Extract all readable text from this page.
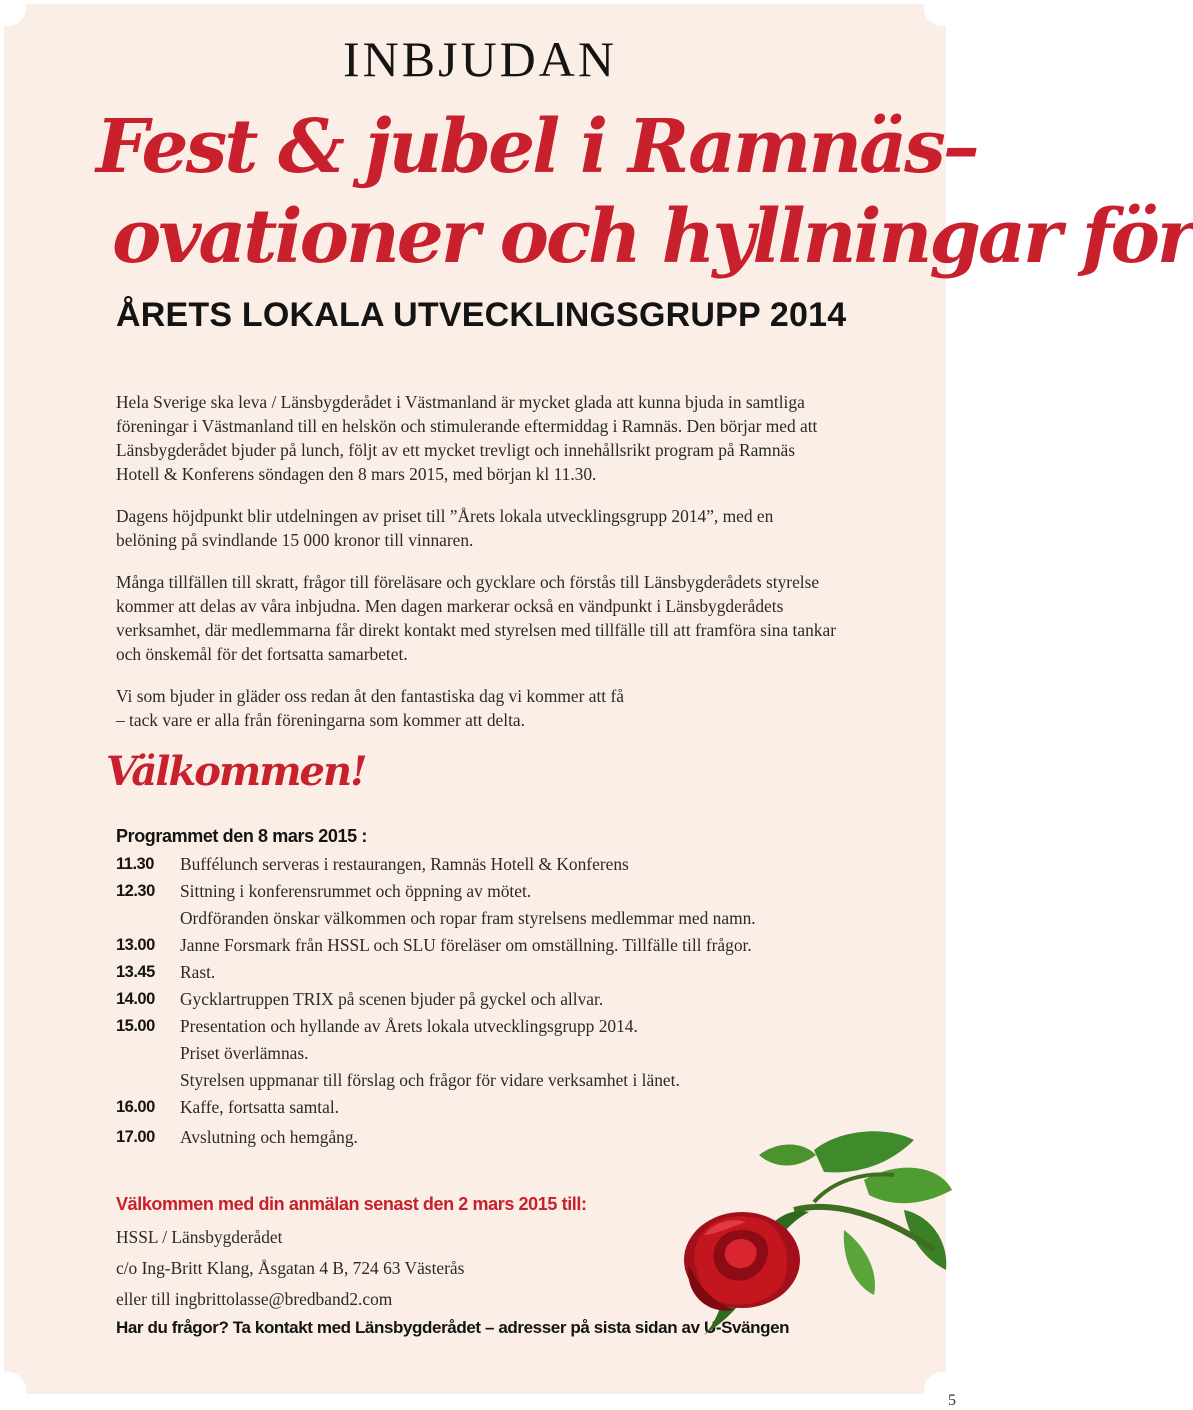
INBJUDAN
Fest & jubel i Ramnäs–
ovationer och hyllningar för
ÅRETS LOKALA UTVECKLINGSGRUPP 2014

Hela Sverige ska leva / Länsbygderådet i Västmanland är mycket glada att kunna bjuda in samtliga föreningar i Västmanland till en helskön och stimulerande eftermiddag i Ramnäs. Den börjar med att Länsbygderådet bjuder på lunch, följt av ett mycket trevligt och innehållsrikt program på Ramnäs Hotell & Konferens söndagen den 8 mars 2015, med början kl 11.30.

Dagens höjdpunkt blir utdelningen av priset till ”Årets lokala utvecklingsgrupp 2014”, med en belöning på svindlande 15 000 kronor till vinnaren.

Många tillfällen till skratt, frågor till föreläsare och gycklare och förstås till Länsbygderådets styrelse kommer att delas av våra inbjudna. Men dagen markerar också en vändpunkt i Länsbygderådets verksamhet, där medlemmarna får direkt kontakt med styrelsen med tillfälle till att framföra sina tankar och önskemål för det fortsatta samarbetet.

Vi som bjuder in gläder oss redan åt den fantastiska dag vi kommer att få

– tack vare er alla från föreningarna som kommer att delta.

Välkommen!
Programmet den 8 mars 2015 :
11.30	Buffélunch serveras i restaurangen, Ramnäs Hotell & Konferens
12.30	Sittning i konferensrummet och öppning av mötet.
Ordföranden önskar välkommen och ropar fram styrelsens medlemmar med namn.
13.00	Janne Forsmark från HSSL och SLU föreläser om omställning. Tillfälle till frågor.
13.45	Rast.
14.00	Gycklartruppen TRIX på scenen bjuder på gyckel och allvar.
15.00	Presentation och hyllande av Årets lokala utvecklingsgrupp 2014.
Priset överlämnas.
Styrelsen uppmanar till förslag och frågor för vidare verksamhet i länet.
16.00	Kaffe, fortsatta samtal.
17.00	Avslutning och hemgång.
Välkommen med din anmälan senast den 2 mars 2015 till:

HSSL / Länsbygderådet

c/o Ing-Britt Klang, Åsgatan 4 B, 724 63 Västerås

eller till ingbrittolasse@bredband2.com

Har du frågor? Ta kontakt med Länsbygderådet – adresser på sista sidan av U-Svängen

5
